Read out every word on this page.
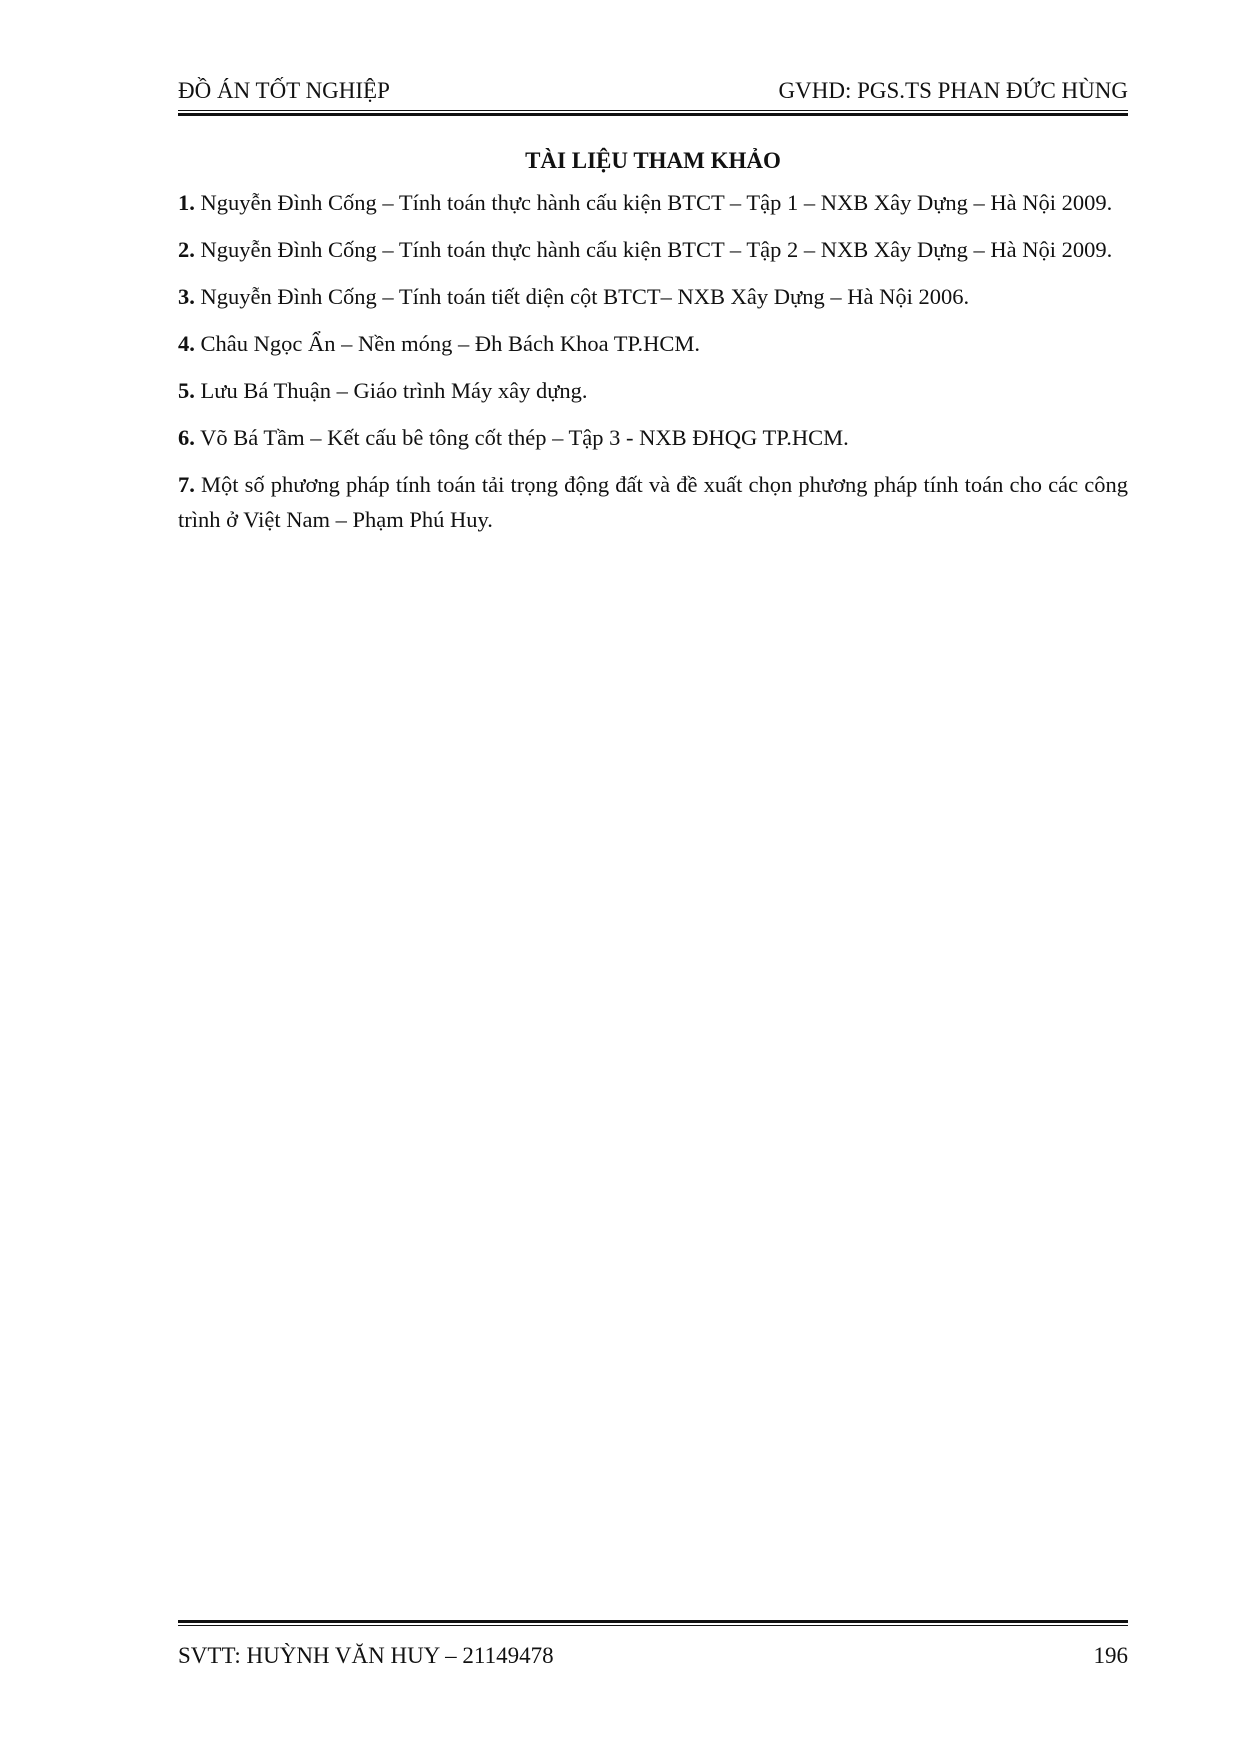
ĐỒ ÁN TỐT NGHIỆP	GVHD: PGS.TS PHAN ĐỨC HÙNG
TÀI LIỆU THAM KHẢO

1. Nguyễn Đình Cống – Tính toán thực hành cấu kiện BTCT – Tập 1 – NXB Xây Dựng – Hà Nội 2009.

2. Nguyễn Đình Cống – Tính toán thực hành cấu kiện BTCT – Tập 2 – NXB Xây Dựng – Hà Nội 2009.

3. Nguyễn Đình Cống – Tính toán tiết diện cột BTCT– NXB Xây Dựng – Hà Nội 2006.

4. Châu Ngọc Ẩn – Nền móng – Đh Bách Khoa TP.HCM.

5. Lưu Bá Thuận – Giáo trình Máy xây dựng.

6. Võ Bá Tầm – Kết cấu bê tông cốt thép – Tập 3 - NXB ĐHQG TP.HCM.

7. Một số phương pháp tính toán tải trọng động đất và đề xuất chọn phương pháp tính toán cho các công trình ở Việt Nam – Phạm Phú Huy.

SVTT: HUỲNH VĂN HUY – 21149478	196
